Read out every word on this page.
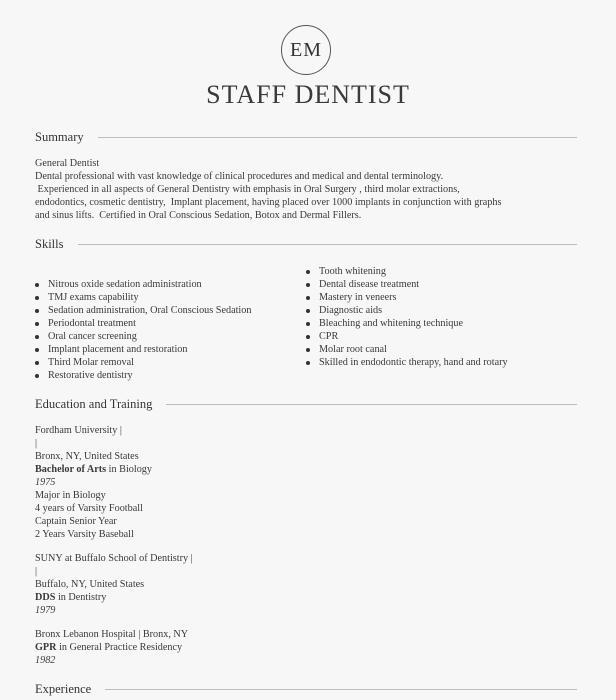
EM
STAFF DENTIST
Summary
General Dentist
Dental professional with vast knowledge of clinical procedures and medical and dental terminology.
Experienced in all aspects of General Dentistry with emphasis in Oral Surgery , third molar extractions,
endodontics, cosmetic dentistry,  Implant placement, having placed over 1000 implants in conjunction with graphs
and sinus lifts.  Certified in Oral Conscious Sedation, Botox and Dermal Fillers.
Skills
Nitrous oxide sedation administration
TMJ exams capability
Sedation administration, Oral Conscious Sedation
Periodontal treatment
Oral cancer screening
Implant placement and restoration
Third Molar removal
Restorative dentistry
Tooth whitening
Dental disease treatment
Mastery in veneers
Diagnostic aids
Bleaching and whitening technique
CPR
Molar root canal
Skilled in endodontic therapy, hand and rotary
Education and Training
Fordham University |
|
Bronx, NY, United States
Bachelor of Arts in Biology
1975
Major in Biology
4 years of Varsity Football
Captain Senior Year
2 Years Varsity Baseball
SUNY at Buffalo School of Dentistry |
|
Buffalo, NY, United States
DDS in Dentistry
1979
Bronx Lebanon Hospital | Bronx, NY
GPR in General Practice Residency
1982
Experience
